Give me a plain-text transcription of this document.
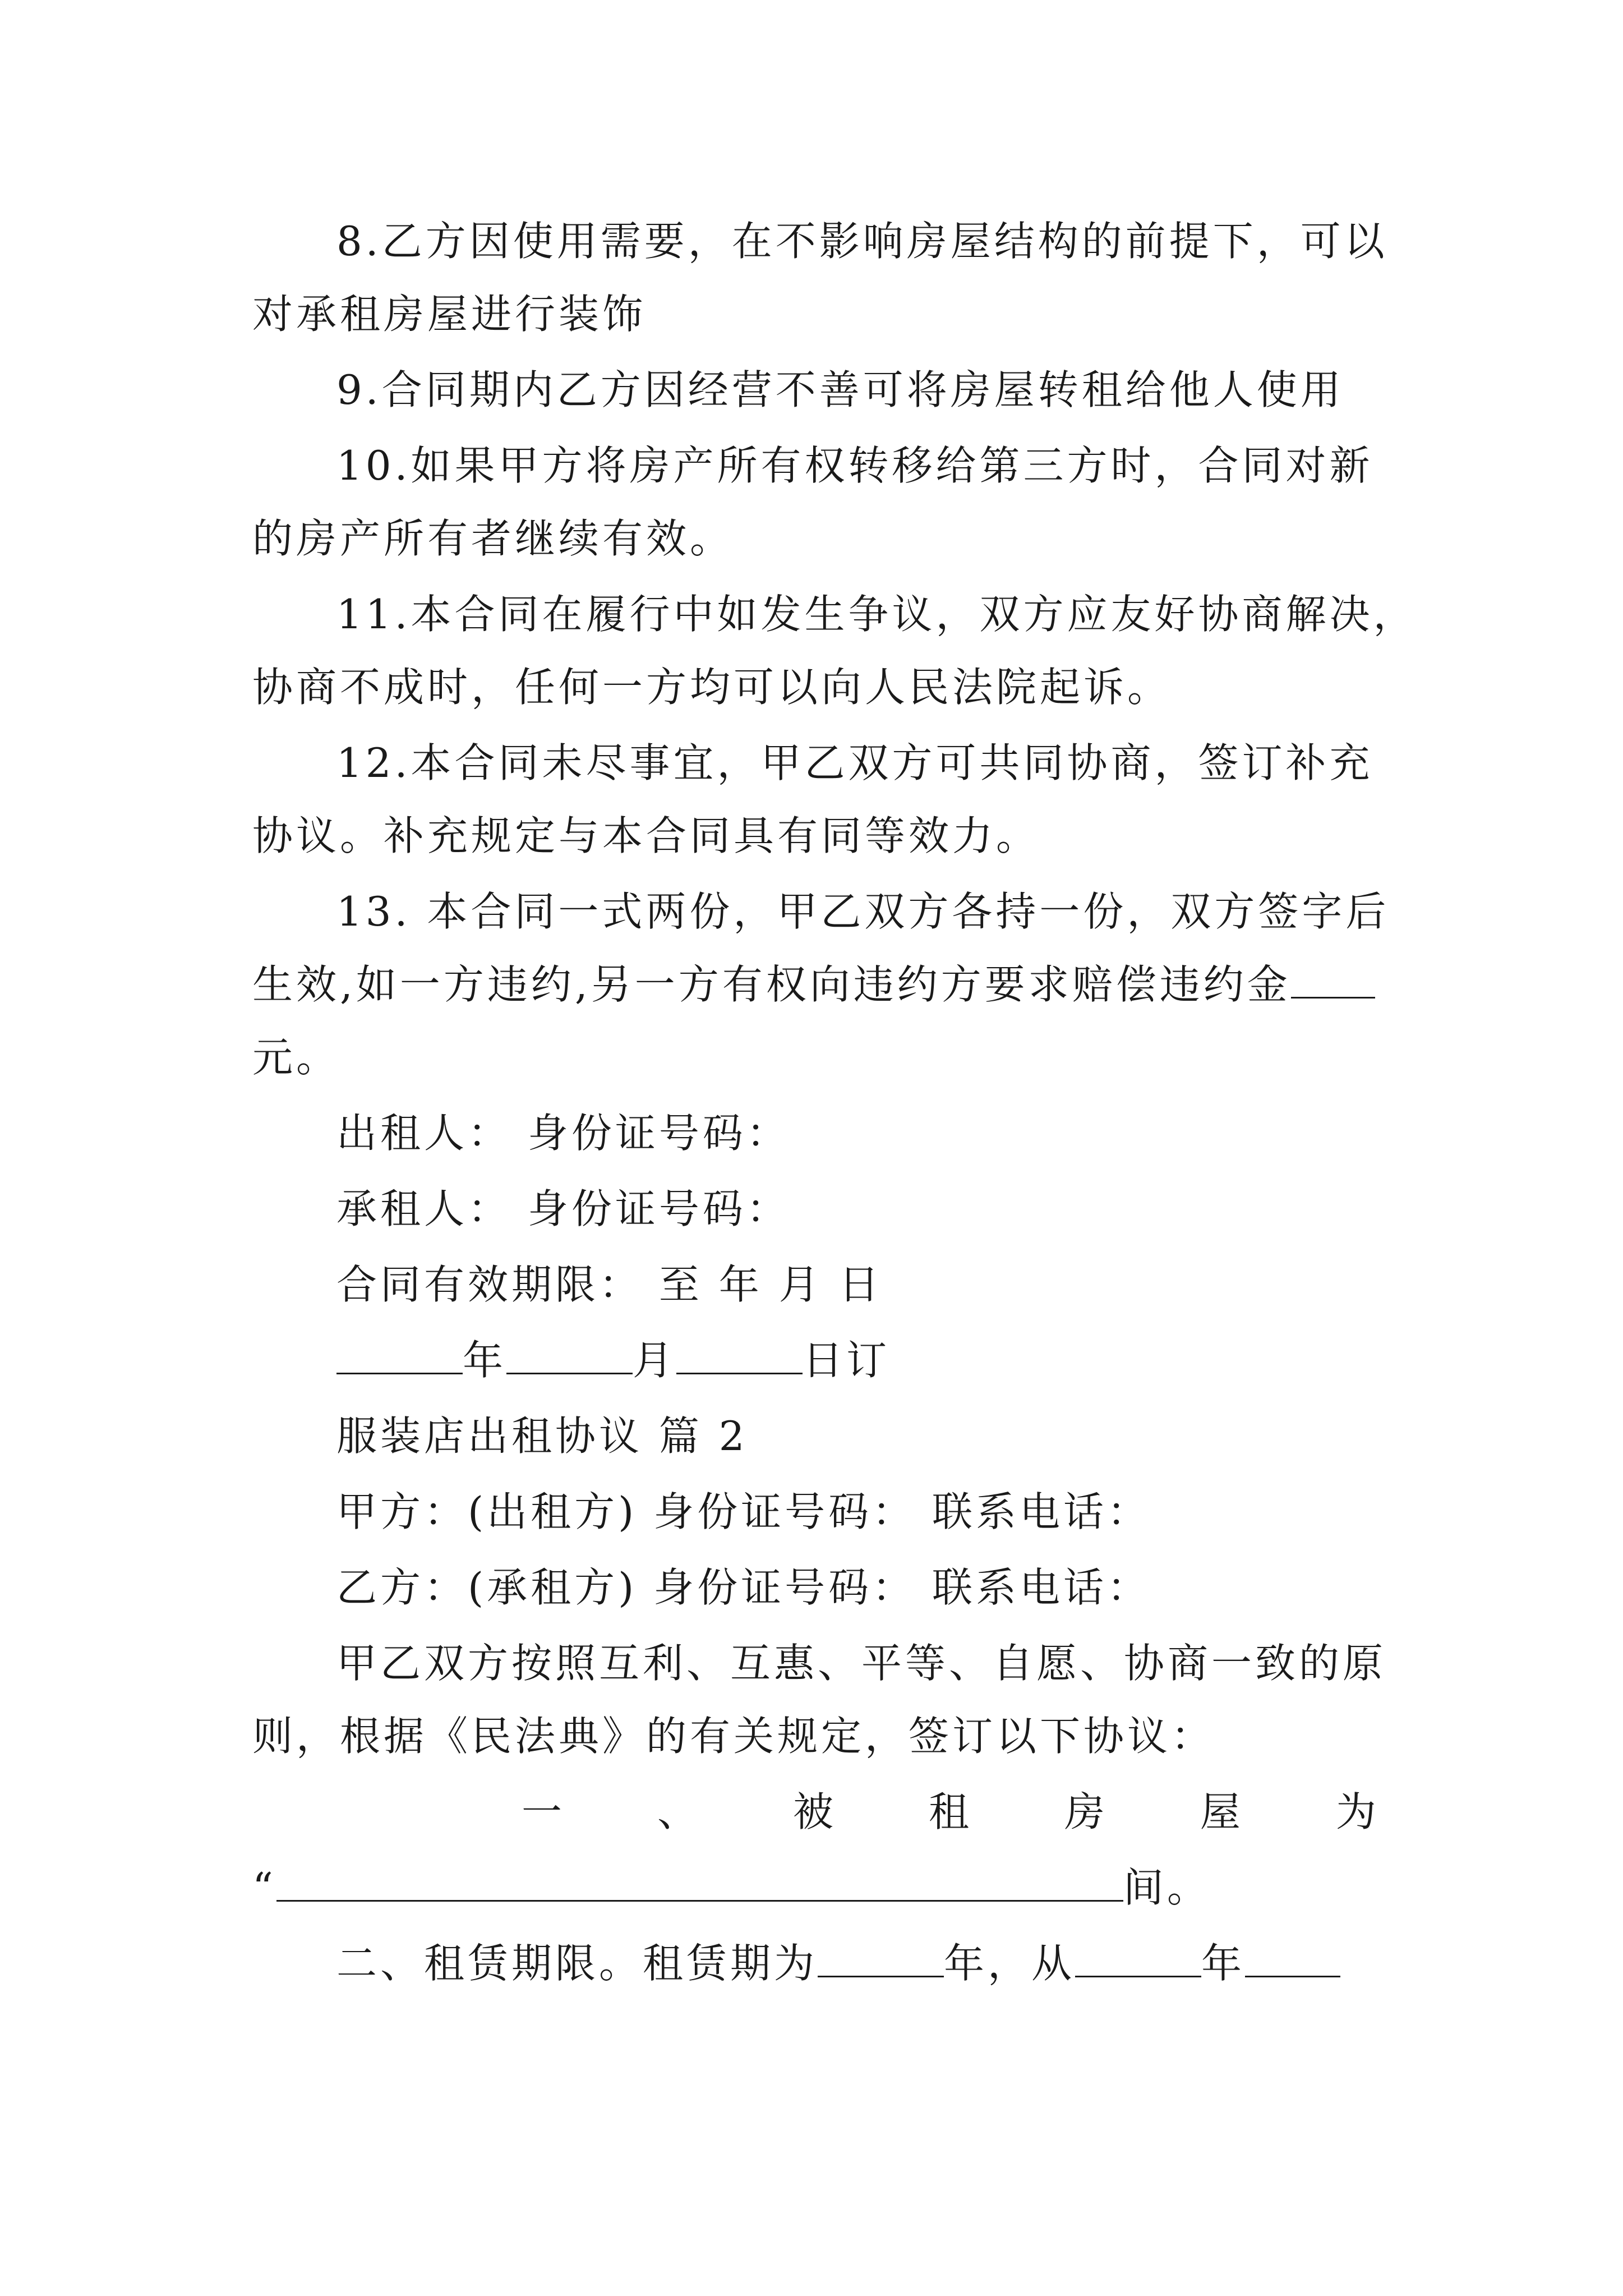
8.乙方因使用需要，在不影响房屋结构的前提下，可以
对承租房屋进行装饰
9.合同期内乙方因经营不善可将房屋转租给他人使用
10.如果甲方将房产所有权转移给第三方时，合同对新
的房产所有者继续有效。
11.本合同在履行中如发生争议，双方应友好协商解决，
协商不成时，任何一方均可以向人民法院起诉。
12.本合同未尽事宜，甲乙双方可共同协商，签订补充
协议。补充规定与本合同具有同等效力。
13. 本合同一式两份，甲乙双方各持一份，双方签字后
生效,如一方违约,另一方有权向违约方要求赔偿违约金
元。
出租人： 身份证号码：
承租人： 身份证号码：
合同有效期限： 至 年 月 日
年	月	日订
服装店出租协议 篇 2
甲方：(出租方) 身份证号码： 联系电话：
乙方：(承租方) 身份证号码： 联系电话：
甲乙双方按照互利、互惠、平等、自愿、协商一致的原
则，根据《民法典》的有关规定，签订以下协议：
一 、 被 租 房 屋 为
“	间。
二、租赁期限。租赁期为	年，从	年
